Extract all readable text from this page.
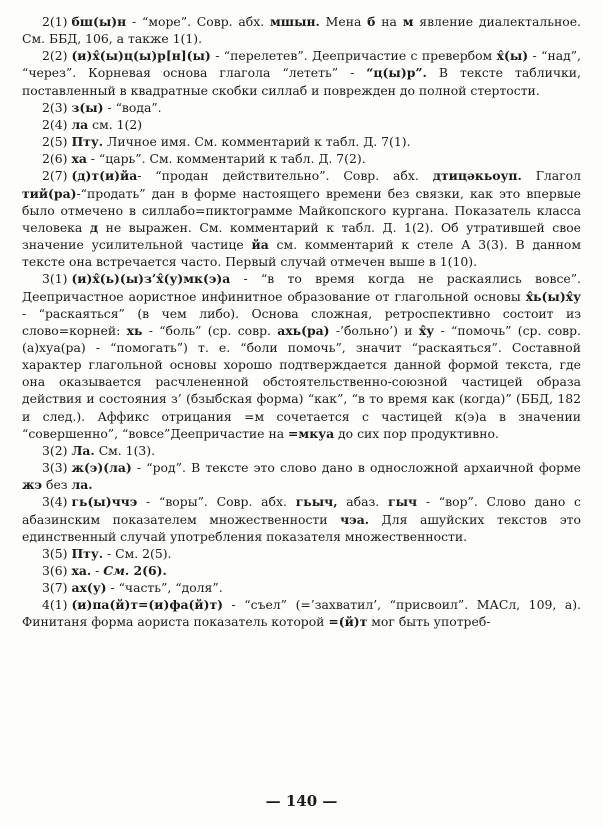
2(1) бш(ы)н - “море”. Совр. абх. мшын. Мена б на м явление диалектальное. См. ББД, 106, а также 1(1).

2(2) (и)х̂(ы)ц(ы)р[н](ы) - “перелетев”. Деепричастие с превербом х̂(ы) - “над”, “через”. Корневая основа глагола “лететь” - “ц(ы)р”. В тексте таблички, поставленный в квадратные скобки силлаб и поврежден до полной стертости.

2(3) з(ы) - “вода”.

2(4) ла см. 1(2)

2(5) Пту. Личное имя. См. комментарий к табл. Д. 7(1).

2(6) ха - “царь”. См. комментарий к табл. Д. 7(2).

2(7) (д)т(и)йа- “продан действительно”. Совр. абх. дтицәкьоуп. Глагол тий(ра)-“продать” дан в форме настоящего времени без связки, как это впервые было отмечено в силлабо=пиктограмме Майкопского кургана. Показатель класса человека д не выражен. См. комментарий к табл. Д. 1(2). Об утратившей свое значение усилительной частице йа см. комментарий к стеле А 3(3). В данном тексте она встречается часто. Первый случай отмечен выше в 1(10).

3(1) (и)х̂(ь)(ы)з’х̂(у)мк(э)а - “в то время когда не раскаялись вовсе”. Деепричастное аористное инфинитное образование от глагольной основы х̂ь(ы)х̂у - “раскаяться” (в чем либо). Основа сложная, ретроспективно состоит из слово=корней: хь - “боль” (ср. совр. ахь(ра) -’больно’) и х̂у - “помочь” (ср. совр. (а)хуа(ра) - “помогать”) т. е. “боли помочь”, значит “раскаяться”. Составной характер глагольной основы хорошо подтверждается данной формой текста, где она оказывается расчлененной обстоятельственно-союзной частицей образа действия и состояния з’ (бзыбская форма) “как”, “в то время как (когда)” (ББД, 182 и след.). Аффикс отрицания =м сочетается с частицей к(э)а в значении “совершенно”, “вовсе”Деепричастие на =мкуа до сих пор продуктивно.

3(2) Ла. См. 1(3).

3(3) ж(э)(ла) - “род”. В тексте это слово дано в односложной архаичной форме жэ без ла.

3(4) гь(ы)ччэ - “воры”. Совр. абх. гьыч, абаз. гыч - “вор”. Слово дано с абазинским показателем множественности чэа. Для ашуйских текстов это единственный случай употребления показателя множественности.

3(5) Пту. - См. 2(5).

3(6) ха. - См. 2(6).

3(7) ах(у) - “часть”, “доля”.

4(1) (и)па(й)т=(и)фа(й)т) - “съел” (=’захватил’, “присвоил”. МАСл, 109, а). Финитаня форма аориста показатель которой =(й)т мог быть употреб-

— 140 —
